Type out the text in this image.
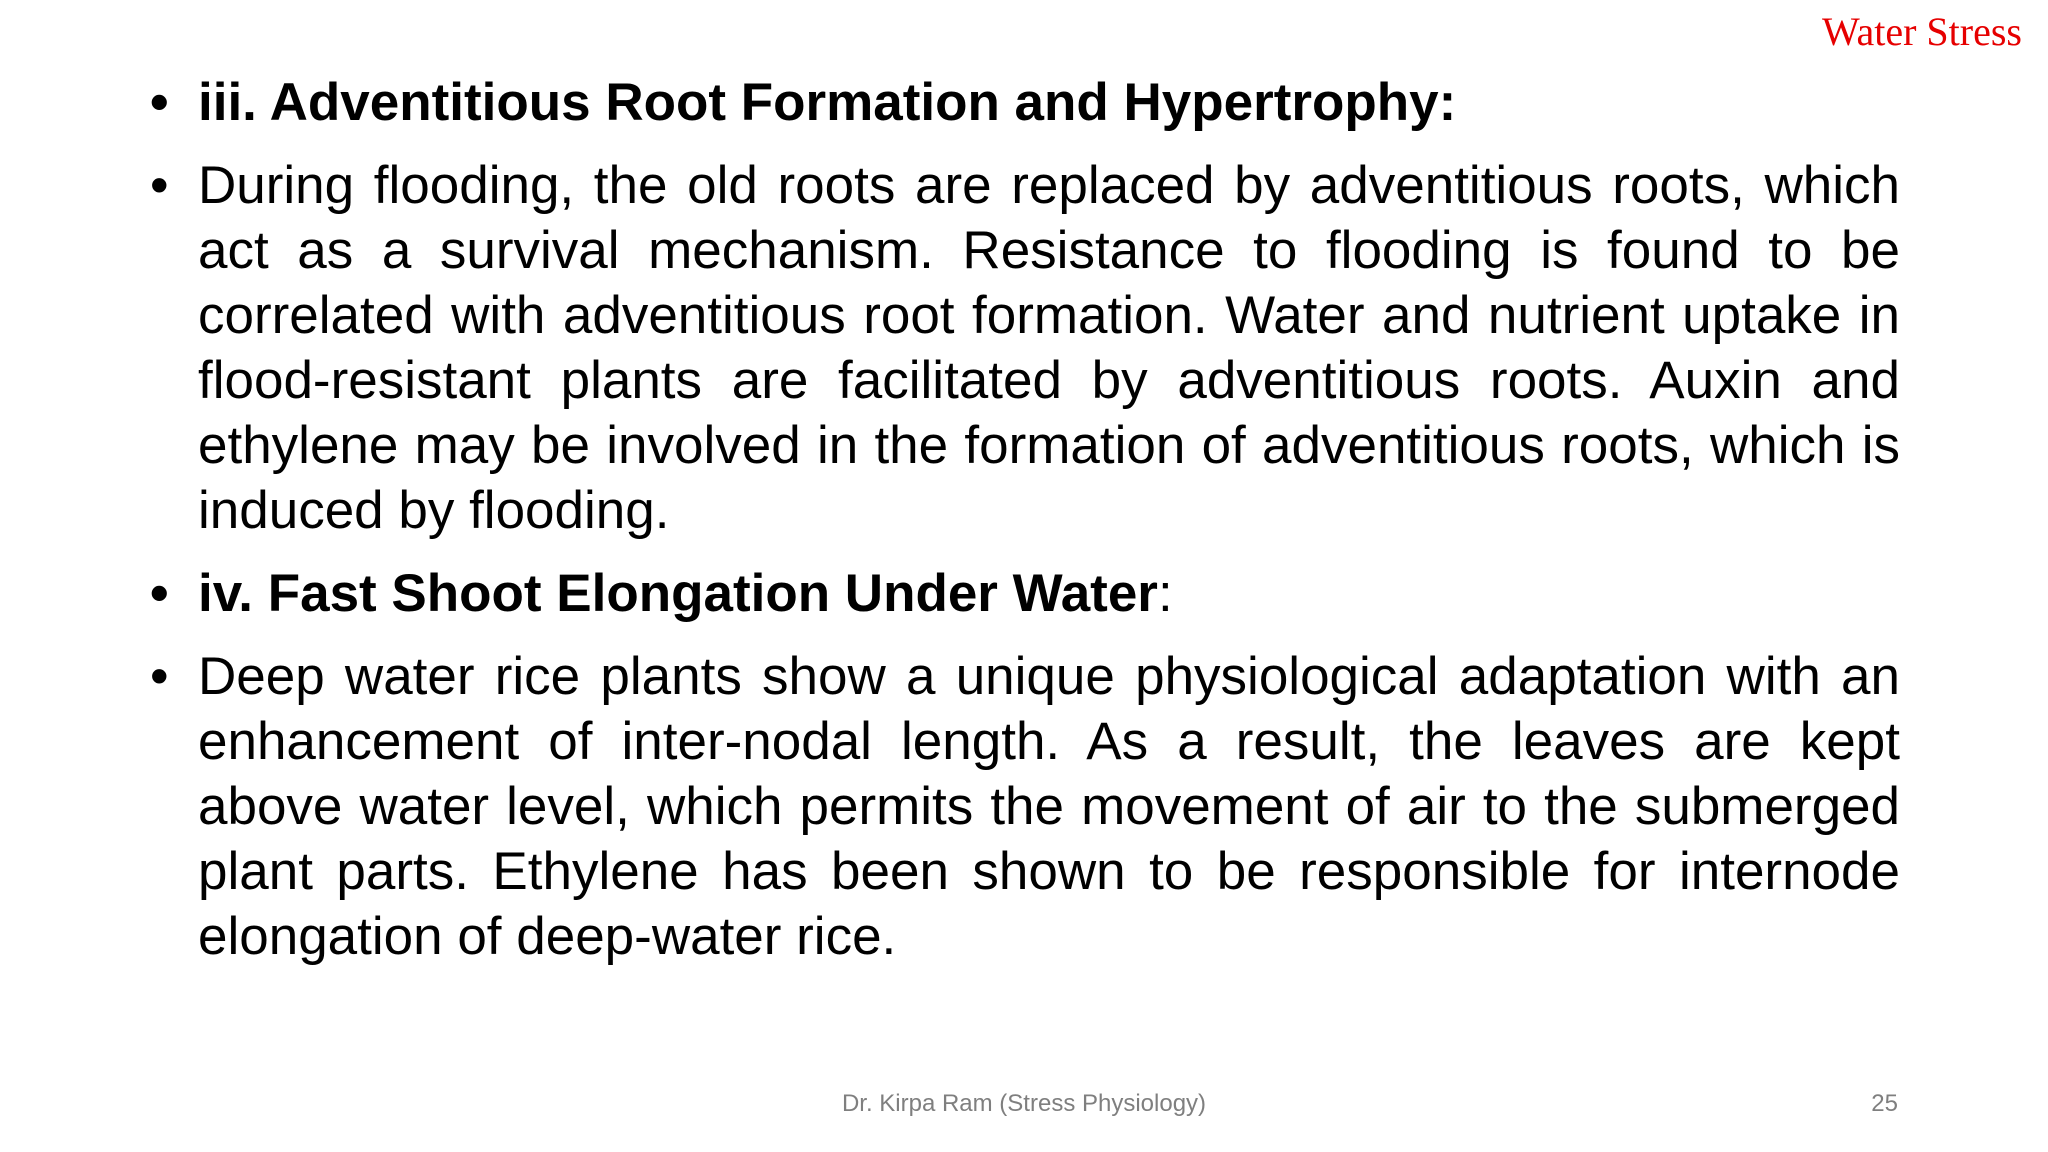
Water Stress
• iii. Adventitious Root Formation and Hypertrophy:
• During flooding, the old roots are replaced by adventitious roots, which act as a survival mechanism. Resistance to flooding is found to be correlated with adventitious root formation. Water and nutrient uptake in flood-resistant plants are facilitated by adventitious roots. Auxin and ethylene may be involved in the formation of adventitious roots, which is induced by flooding.
• iv. Fast Shoot Elongation Under Water:
• Deep water rice plants show a unique physiological adaptation with an enhancement of inter-nodal length. As a result, the leaves are kept above water level, which permits the movement of air to the submerged plant parts. Ethylene has been shown to be responsible for internode elongation of deep-water rice.
Dr. Kirpa Ram (Stress Physiology)	25
